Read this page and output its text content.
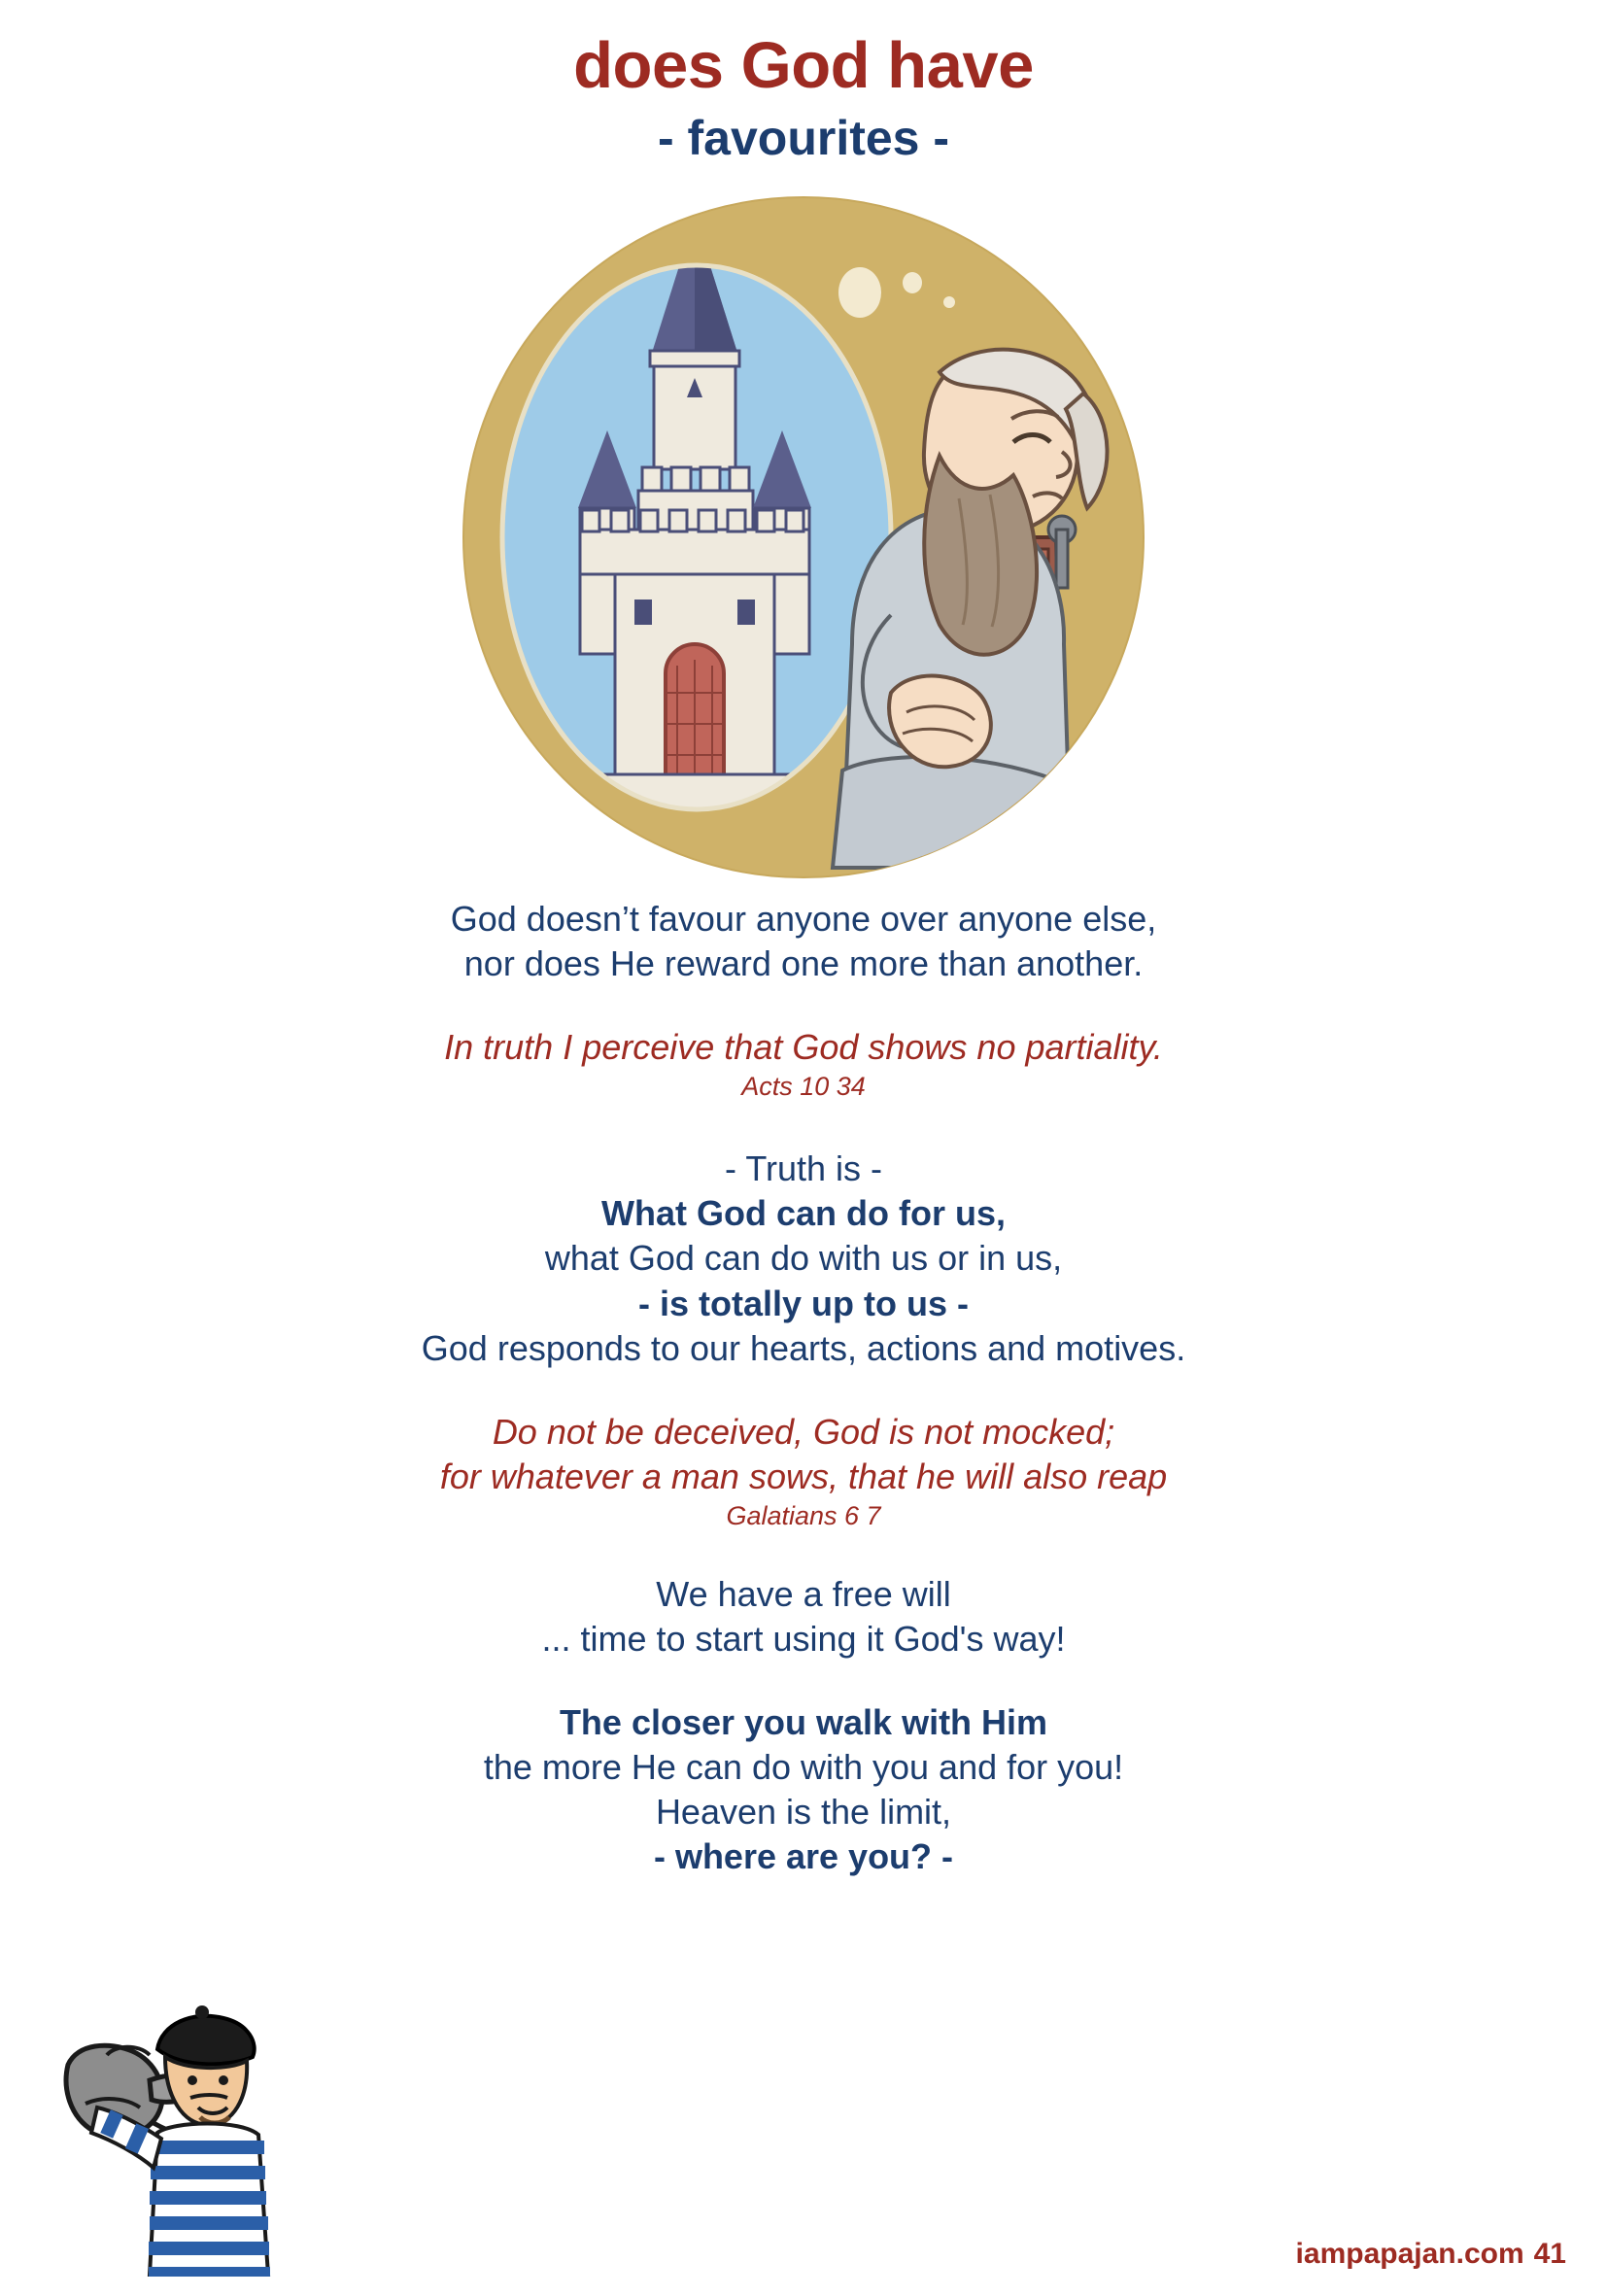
does God have
- favourites -
God doesn’t favour anyone over anyone else,
nor does He reward one more than another.
In truth I perceive that God shows no partiality.
Acts 10 34
- Truth is -
What God can do for us,
what God can do with us or in us,
- is totally up to us -
God responds to our hearts, actions and motives.
Do not be deceived, God is not mocked;
for whatever a man sows, that he will also reap
Galatians 6 7
We have a free will
... time to start using it God's way!
The closer you walk with Him
the more He can do with you and for you!
Heaven is the limit,
- where are you? -
iampapajan.com 41
